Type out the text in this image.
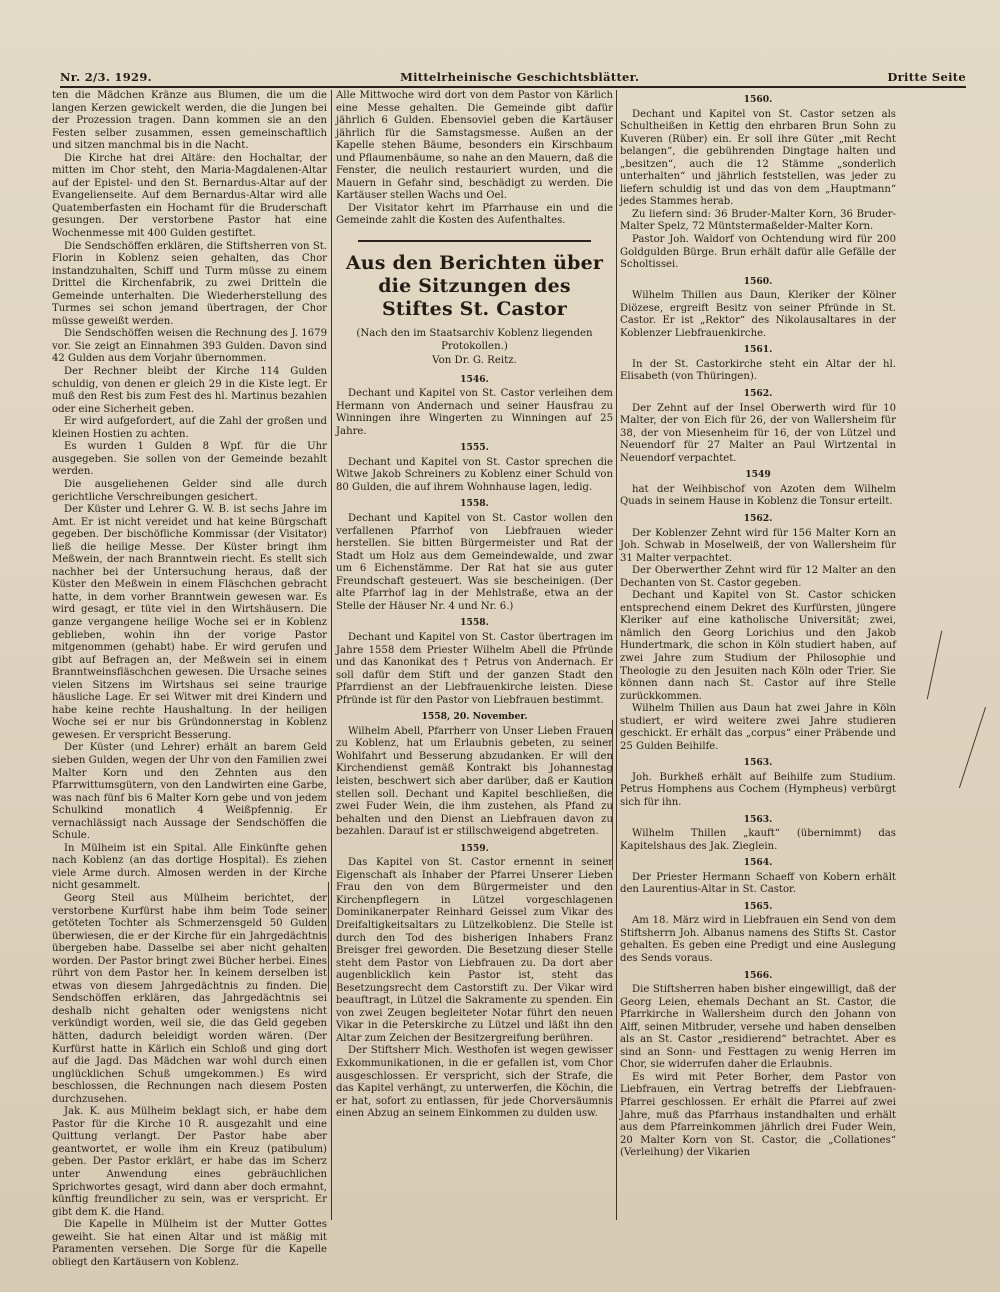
Nr. 2/3. 1929.	Mittelrheinische Geschichtsblätter.	Dritte Seite

ten die Mädchen Kränze aus Blumen, die um die langen Kerzen gewickelt werden, die die Jungen bei der Prozession tragen. Dann kommen sie an den Festen selber zusammen, essen gemeinschaftlich und sitzen manchmal bis in die Nacht.

Die Kirche hat drei Altäre: den Hochaltar, der mitten im Chor steht, den Maria-Magdalenen-Altar auf der Epistel- und den St. Bernardus-Altar auf der Evangelienseite. Auf dem Bernardus-Altar wird alle Quatemberfasten ein Hochamt für die Bruderschaft gesungen. Der verstorbene Pastor hat eine Wochenmesse mit 400 Gulden gestiftet.

Die Sendschöffen erklären, die Stiftsherren von St. Florin in Koblenz seien gehalten, das Chor instandzuhalten, Schiff und Turm müsse zu einem Drittel die Kirchenfabrik, zu zwei Dritteln die Gemeinde unterhalten. Die Wiederherstellung des Turmes sei schon jemand übertragen, der Chor müsse geweißt werden.

Die Sendschöffen weisen die Rechnung des J. 1679 vor. Sie zeigt an Einnahmen 393 Gulden. Davon sind 42 Gulden aus dem Vorjahr übernommen.

Der Rechner bleibt der Kirche 114 Gulden schuldig, von denen er gleich 29 in die Kiste legt. Er muß den Rest bis zum Fest des hl. Martinus bezahlen oder eine Sicherheit geben.

Er wird aufgefordert, auf die Zahl der großen und kleinen Hostien zu achten.

Es wurden 1 Gulden 8 Wpf. für die Uhr ausgegeben. Sie sollen von der Gemeinde bezahlt werden.

Die ausgeliehenen Gelder sind alle durch gerichtliche Verschreibungen gesichert.

Der Küster und Lehrer G. W. B. ist sechs Jahre im Amt. Er ist nicht vereidet und hat keine Bürgschaft gegeben. Der bischöfliche Kommissar (der Visitator) ließ die heilige Messe. Der Küster bringt ihm Meßwein, der nach Branntwein riecht. Es stellt sich nachher bei der Untersuchung heraus, daß der Küster den Meßwein in einem Fläschchen gebracht hatte, in dem vorher Branntwein gewesen war. Es wird gesagt, er tüte viel in den Wirtshäusern. Die ganze vergangene heilige Woche sei er in Koblenz geblieben, wohin ihn der vorige Pastor mitgenommen (gehabt) habe. Er wird gerufen und gibt auf Befragen an, der Meßwein sei in einem Branntweinsfläschchen gewesen. Die Ursache seines vielen Sitzens im Wirtshaus sei seine traurige häusliche Lage. Er sei Witwer mit drei Kindern und habe keine rechte Haushaltung. In der heiligen Woche sei er nur bis Gründonnerstag in Koblenz gewesen. Er verspricht Besserung.

Der Küster (und Lehrer) erhält an barem Geld sieben Gulden, wegen der Uhr von den Familien zwei Malter Korn und den Zehnten aus den Pfarrwittumsgütern, von den Landwirten eine Garbe, was nach fünf bis 6 Malter Korn gebe und von jedem Schulkind monatlich 4 Weißpfennig. Er vernachlässigt nach Aussage der Sendschöffen die Schule.

In Mülheim ist ein Spital. Alle Einkünfte gehen nach Koblenz (an das dortige Hospital). Es ziehen viele Arme durch. Almosen werden in der Kirche nicht gesammelt.

Georg Steil aus Mülheim berichtet, der verstorbene Kurfürst habe ihm beim Tode seiner getöteten Tochter als Schmerzensgeld 50 Gulden überwiesen, die er der Kirche für ein Jahrgedächtnis übergeben habe. Dasselbe sei aber nicht gehalten worden. Der Pastor bringt zwei Bücher herbei. Eines rührt von dem Pastor her. In keinem derselben ist etwas von diesem Jahrgedächtnis zu finden. Die Sendschöffen erklären, das Jahrgedächtnis sei deshalb nicht gehalten oder wenigstens nicht verkündigt worden, weil sie, die das Geld gegeben hätten, dadurch beleidigt worden wären. (Der Kurfürst hatte in Kärlich ein Schloß und ging dort auf die Jagd. Das Mädchen war wohl durch einen unglücklichen Schuß umgekommen.) Es wird beschlossen, die Rechnungen nach diesem Posten durchzusehen.

Jak. K. aus Mülheim beklagt sich, er habe dem Pastor für die Kirche 10 R. ausgezahlt und eine Quittung verlangt. Der Pastor habe aber geantwortet, er wolle ihm ein Kreuz (patibulum) geben. Der Pastor erklärt, er habe das im Scherz unter Anwendung eines gebräuchlichen Sprichwortes gesagt, wird dann aber doch ermahnt, künftig freundlicher zu sein, was er verspricht. Er gibt dem K. die Hand.

Die Kapelle in Mülheim ist der Mutter Gottes geweiht. Sie hat einen Altar und ist mäßig mit Paramenten versehen. Die Sorge für die Kapelle obliegt den Kartäusern von Koblenz.

Alle Mittwoche wird dort von dem Pastor von Kärlich eine Messe gehalten. Die Gemeinde gibt dafür jährlich 6 Gulden. Ebensoviel geben die Kartäuser jährlich für die Samstagsmesse. Außen an der Kapelle stehen Bäume, besonders ein Kirschbaum und Pflaumenbäume, so nahe an den Mauern, daß die Fenster, die neulich restauriert wurden, und die Mauern in Gefahr sind, beschädigt zu werden. Die Kartäuser stellen Wachs und Oel.

Der Visitator kehrt im Pfarrhause ein und die Gemeinde zahlt die Kosten des Aufenthaltes.

Aus den Berichten über die Sitzungen des Stiftes St. Castor
(Nach den im Staatsarchiv Koblenz liegenden Protokollen.)
Von Dr. G. Reitz.
1546.

Dechant und Kapitel von St. Castor verleihen dem Hermann von Andernach und seiner Hausfrau zu Winningen ihre Wingerten zu Winningen auf 25 Jahre.

1555.

Dechant und Kapitel von St. Castor sprechen die Witwe Jakob Schreiners zu Koblenz einer Schuld von 80 Gulden, die auf ihrem Wohnhause lagen, ledig.

1558.

Dechant und Kapitel von St. Castor wollen den verfallenen Pfarrhof von Liebfrauen wieder herstellen. Sie bitten Bürgermeister und Rat der Stadt um Holz aus dem Gemeindewalde, und zwar um 6 Eichenstämme. Der Rat hat sie aus guter Freundschaft gesteuert. Was sie bescheinigen. (Der alte Pfarrhof lag in der Mehlstraße, etwa an der Stelle der Häuser Nr. 4 und Nr. 6.)

1558.

Dechant und Kapitel von St. Castor übertragen im Jahre 1558 dem Priester Wilhelm Abell die Pfründe und das Kanonikat des † Petrus von Andernach. Er soll dafür dem Stift und der ganzen Stadt den Pfarrdienst an der Liebfrauenkirche leisten. Diese Pfründe ist für den Pastor von Liebfrauen bestimmt.

1558, 20. November.

Wilhelm Abell, Pfarrherr von Unser Lieben Frauen zu Koblenz, hat um Erlaubnis gebeten, zu seiner Wohlfahrt und Besserung abzudanken. Er will den Kirchendienst gemäß Kontrakt bis Johannestag leisten, beschwert sich aber darüber, daß er Kaution stellen soll. Dechant und Kapitel beschließen, die zwei Fuder Wein, die ihm zustehen, als Pfand zu behalten und den Dienst an Liebfrauen davon zu bezahlen. Darauf ist er stillschweigend abgetreten.

1559.

Das Kapitel von St. Castor ernennt in seiner Eigenschaft als Inhaber der Pfarrei Unserer Lieben Frau den von dem Bürgermeister und den Kirchenpflegern in Lützel vorgeschlagenen Dominikanerpater Reinhard Geissel zum Vikar des Dreifaltigkeitsaltars zu Lützelkoblenz. Die Stelle ist durch den Tod des bisherigen Inhabers Franz Breisger frei geworden. Die Besetzung dieser Stelle steht dem Pastor von Liebfrauen zu. Da dort aber augenblicklich kein Pastor ist, steht das Besetzungsrecht dem Castorstift zu. Der Vikar wird beauftragt, in Lützel die Sakramente zu spenden. Ein von zwei Zeugen begleiteter Notar führt den neuen Vikar in die Peterskirche zu Lützel und läßt ihn den Altar zum Zeichen der Besitzergreifung berühren.

Der Stiftsherr Mich. Westhofen ist wegen gewisser Exkommunikationen, in die er gefallen ist, vom Chor ausgeschlossen. Er verspricht, sich der Strafe, die das Kapitel verhängt, zu unterwerfen, die Köchin, die er hat, sofort zu entlassen, für jede Chorversäumnis einen Abzug an seinem Einkommen zu dulden usw.

1560.

Dechant und Kapitel von St. Castor setzen als Schultheißen in Kettig den ehrbaren Brun Sohn zu Kuveren (Rüber) ein. Er soll ihre Güter „mit Recht belangen“, die gebührenden Dingtage halten und „besitzen“, auch die 12 Stämme „sonderlich unterhalten“ und jährlich feststellen, was jeder zu liefern schuldig ist und das von dem „Hauptmann“ jedes Stammes herab.

Zu liefern sind: 36 Bruder-Malter Korn, 36 Bruder-Malter Spelz, 72 Müntstermaßelder-Malter Korn.

Pastor Joh. Waldorf von Ochtendung wird für 200 Goldgulden Bürge. Brun erhält dafür alle Gefälle der Scholtissei.

1560.

Wilhelm Thillen aus Daun, Kleriker der Kölner Diözese, ergreift Besitz von seiner Pfründe in St. Castor. Er ist „Rektor“ des Nikolausaltares in der Koblenzer Liebfrauenkirche.

1561.

In der St. Castorkirche steht ein Altar der hl. Elisabeth (von Thüringen).

1562.

Der Zehnt auf der Insel Oberwerth wird für 10 Malter, der von Eich für 26, der von Wallersheim für 38, der von Miesenheim für 16, der von Lützel und Neuendorf für 27 Malter an Paul Wirtzental in Neuendorf verpachtet.

1549

hat der Weihbischof von Azoten dem Wilhelm Quads in seinem Hause in Koblenz die Tonsur erteilt.

1562.

Der Koblenzer Zehnt wird für 156 Malter Korn an Joh. Schwab in Moselweiß, der von Wallersheim für 31 Malter verpachtet.

Der Oberwerther Zehnt wird für 12 Malter an den Dechanten von St. Castor gegeben.

Dechant und Kapitel von St. Castor schicken entsprechend einem Dekret des Kurfürsten, jüngere Kleriker auf eine katholische Universität; zwei, nämlich den Georg Lorichius und den Jakob Hundertmark, die schon in Köln studiert haben, auf zwei Jahre zum Studium der Philosophie und Theologie zu den Jesuiten nach Köln oder Trier. Sie können dann nach St. Castor auf ihre Stelle zurückkommen.

Wilhelm Thillen aus Daun hat zwei Jahre in Köln studiert, er wird weitere zwei Jahre studieren geschickt. Er erhält das „corpus“ einer Präbende und 25 Gulden Beihilfe.

1563.

Joh. Burkheß erhält auf Beihilfe zum Studium. Petrus Homphens aus Cochem (Hympheus) verbürgt sich für ihn.

1563.

Wilhelm Thillen „kauft“ (übernimmt) das Kapitelshaus des Jak. Zieglein.

1564.

Der Priester Hermann Schaeff von Kobern erhält den Laurentius-Altar in St. Castor.

1565.

Am 18. März wird in Liebfrauen ein Send von dem Stiftsherrn Joh. Albanus namens des Stifts St. Castor gehalten. Es geben eine Predigt und eine Auslegung des Sends voraus.

1566.

Die Stiftsherren haben bisher eingewilligt, daß der Georg Leien, ehemals Dechant an St. Castor, die Pfarrkirche in Wallersheim durch den Johann von Alff, seinen Mitbruder, versehe und haben denselben als an St. Castor „residierend“ betrachtet. Aber es sind an Sonn- und Festtagen zu wenig Herren im Chor, sie widerrufen daher die Erlaubnis.

Es wird mit Peter Borher, dem Pastor von Liebfrauen, ein Vertrag betreffs der Liebfrauen-Pfarrei geschlossen. Er erhält die Pfarrei auf zwei Jahre, muß das Pfarrhaus instandhalten und erhält aus dem Pfarreinkommen jährlich drei Fuder Wein, 20 Malter Korn von St. Castor, die „Collationes“ (Verleihung) der Vikarien
